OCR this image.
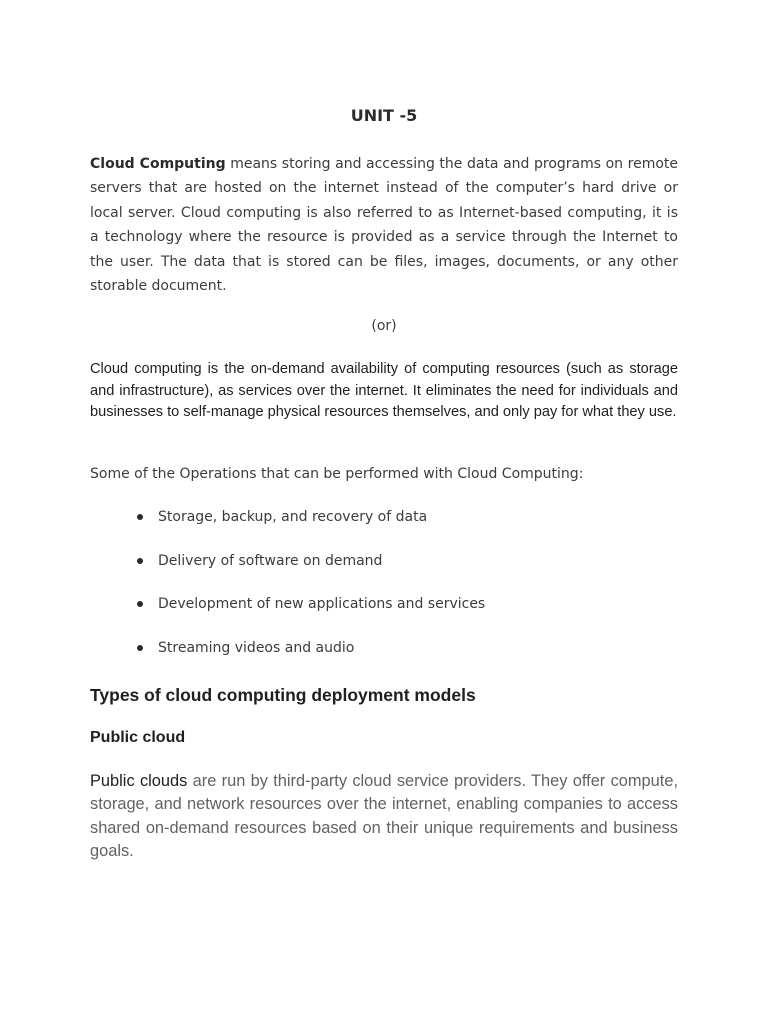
UNIT -5

Cloud Computing means storing and accessing the data and programs on remote servers that are hosted on the internet instead of the computer’s hard drive or local server. Cloud computing is also referred to as Internet-based computing, it is a technology where the resource is provided as a service through the Internet to the user. The data that is stored can be files, images, documents, or any other storable document.

(or)

Cloud computing is the on-demand availability of computing resources (such as storage and infrastructure), as services over the internet. It eliminates the need for individuals and businesses to self-manage physical resources themselves, and only pay for what they use.

Some of the Operations that can be performed with Cloud Computing:

Storage, backup, and recovery of data
Delivery of software on demand
Development of new applications and services
Streaming videos and audio
Types of cloud computing deployment models
Public cloud

Public clouds are run by third-party cloud service providers. They offer compute, storage, and network resources over the internet, enabling companies to access shared on-demand resources based on their unique requirements and business goals.
